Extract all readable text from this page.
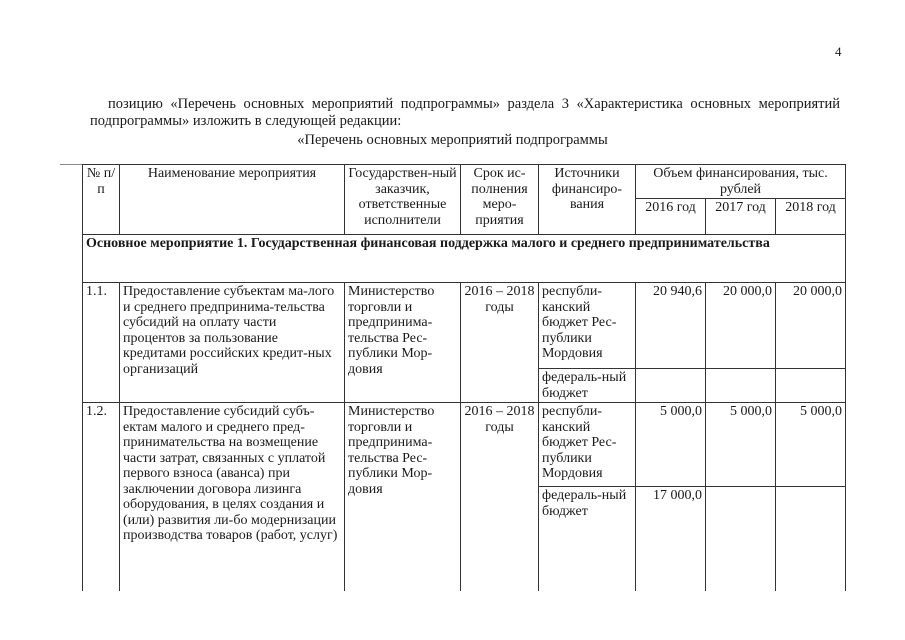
4
позицию «Перечень основных мероприятий подпрограммы» раздела 3 «Характеристика основных мероприятий
подпрограммы» изложить в следующей редакции:
«Перечень основных мероприятий подпрограммы
№ п/п	Наименование мероприятия	Государствен-ный заказчик, ответственные исполнители	Срок ис-полнения меро-приятия	Источники финансиро-вания	Объем финансирования, тыс. рублей		
					2016 год	2017 год	2018 год
Основное мероприятие 1. Государственная финансовая поддержка малого и среднего предпринимательства							
1.1.	Предоставление субъектам ма-лого и среднего предпринима-тельства субсидий на оплату части процентов за пользование кредитами российских кредит-ных организаций	Министерство торговли и предпринима-тельства Рес-публики Мор-довия	2016 – 2018 годы	республи-канский бюджет Рес-публики Мордовия	20 940,6	20 000,0	20 000,0
				федераль-ный бюджет			
1.2.	Предоставление субсидий субъ-ектам малого и среднего пред-принимательства на возмещение части затрат, связанных с уплатой первого взноса (аванса) при заключении договора лизинга оборудования, в целях создания и (или) развития ли-бо модернизации производства товаров (работ, услуг)	Министерство торговли и предпринима-тельства Рес-публики Мор-довия	2016 – 2018 годы	республи-канский бюджет Рес-публики Мордовия	5 000,0	5 000,0	5 000,0
				федераль-ный бюджет	17 000,0		
